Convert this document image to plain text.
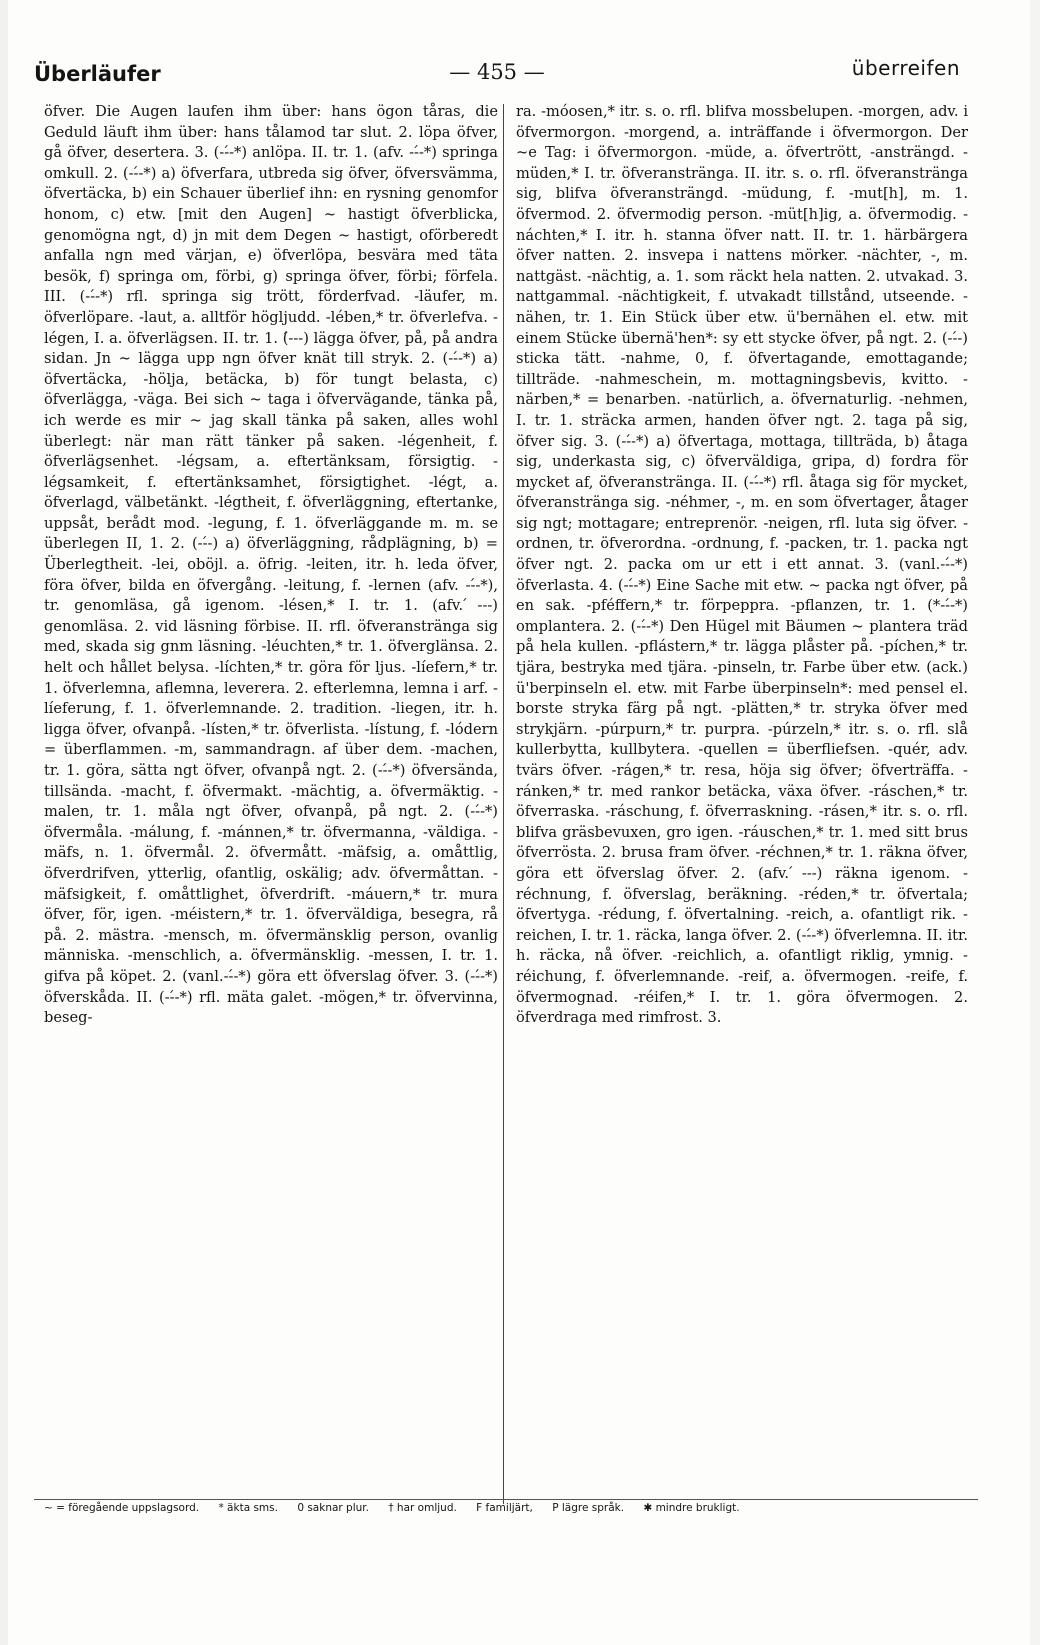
Überläufer	— 455 —	überreifen

öfver. Die Augen laufen ihm über: hans ögon tåras, die Geduld läuft ihm über: hans tålamod tar slut. 2. löpa öfver, gå öfver, desertera. 3. (--́-*) anlöpa. II. tr. 1. (afv. --́-*) springa omkull. 2. (--́-*) a) öfverfara, utbreda sig öfver, öfversvämma, öfvertäcka, b) ein Schauer überlief ihn: en rysning genomfor honom, c) etw. [mit den Augen] ~ hastigt öfverblicka, genomögna ngt, d) jn mit dem Degen ~ hastigt, oförberedt anfalla ngn med värjan, e) öfverlöpa, besvära med täta besök, f) springa om, förbi, g) springa öfver, förbi; förfela. III. (--́-*) rfl. springa sig trött, förderfvad. -läufer, m. öfverlöpare. -laut, a. alltför högljudd. -lében,* tr. öfverlefva. -légen, I. a. öfverlägsen. II. tr. 1. (́---) lägga öfver, på, på andra sidan. Jn ~ lägga upp ngn öfver knät till stryk. 2. (--́-*) a) öfvertäcka, -hölja, betäcka, b) för tungt belasta, c) öfverlägga, -väga. Bei sich ~ taga i öfvervägande, tänka på, ich werde es mir ~ jag skall tänka på saken, alles wohl überlegt: när man rätt tänker på saken. -légenheit, f. öfverlägsenhet. -légsam, a. eftertänksam, försigtig. -légsamkeit, f. eftertänksamhet, försigtighet. -légt, a. öfverlagd, välbetänkt. -légtheit, f. öfverläggning, eftertanke, uppsåt, berådt mod. -legung, f. 1. öfverläggande m. m. se überlegen II, 1. 2. (--́-) a) öfverläggning, rådplägning, b) = Überlegtheit. -lei, oböjl. a. öfrig. -leiten, itr. h. leda öfver, föra öfver, bilda en öfvergång. -leitung, f. -lernen (afv. --́-*), tr. genomläsa, gå igenom. -lésen,* I. tr. 1. (afv. ́---) genomläsa. 2. vid läsning förbise. II. rfl. öfveranstränga sig med, skada sig gnm läsning. -léuchten,* tr. 1. öfverglänsa. 2. helt och hållet belysa. -líchten,* tr. göra för ljus. -líefern,* tr. 1. öfverlemna, aflemna, leverera. 2. efterlemna, lemna i arf. -líeferung, f. 1. öfverlemnande. 2. tradition. -liegen, itr. h. ligga öfver, ofvanpå. -lísten,* tr. öfverlista. -lístung, f. -lódern = überflammen. -m, sammandragn. af über dem. -machen, tr. 1. göra, sätta ngt öfver, ofvanpå ngt. 2. (--́-*) öfversända, tillsända. -macht, f. öfvermakt. -mächtig, a. öfvermäktig. -malen, tr. 1. måla ngt öfver, ofvanpå, på ngt. 2. (--́-*) öfvermåla. -málung, f. -mánnen,* tr. öfvermanna, -väldiga. -mäfs, n. 1. öfvermål. 2. öfvermått. -mäfsig, a. omåttlig, öfverdrifven, ytterlig, ofantlig, oskälig; adv. öfvermåttan. -mäfsigkeit, f. omåttlighet, öfverdrift. -máuern,* tr. mura öfver, för, igen. -méistern,* tr. 1. öfverväldiga, besegra, rå på. 2. mästra. -mensch, m. öfvermänsklig person, ovanlig människa. -menschlich, a. öfvermänsklig. -messen, I. tr. 1. gifva på köpet. 2. (vanl.--́-*) göra ett öfverslag öfver. 3. (--́-*) öfverskåda. II. (--́-*) rfl. mäta galet. -mögen,* tr. öfvervinna, beseg-

ra. -móosen,* itr. s. o. rfl. blifva mossbelupen. -morgen, adv. i öfvermorgon. -morgend, a. inträffande i öfvermorgon. Der ~e Tag: i öfvermorgon. -müde, a. öfvertrött, -ansträngd. -müden,* I. tr. öfveranstränga. II. itr. s. o. rfl. öfveranstränga sig, blifva öfveransträngd. -müdung, f. -mut[h], m. 1. öfvermod. 2. öfvermodig person. -müt[h]ig, a. öfvermodig. -náchten,* I. itr. h. stanna öfver natt. II. tr. 1. härbärgera öfver natten. 2. insvepa i nattens mörker. -nächter, -, m. nattgäst. -nächtig, a. 1. som räckt hela natten. 2. utvakad. 3. nattgammal. -nächtigkeit, f. utvakadt tillstånd, utseende. -nähen, tr. 1. Ein Stück über etw. ü'bernähen el. etw. mit einem Stücke übernä'hen*: sy ett stycke öfver, på ngt. 2. (--́-) sticka tätt. -nahme, 0, f. öfvertagande, emottagande; tillträde. -nahmeschein, m. mottagningsbevis, kvitto. -närben,* = benarben. -natürlich, a. öfvernaturlig. -nehmen, I. tr. 1. sträcka armen, handen öfver ngt. 2. taga på sig, öfver sig. 3. (--́-*) a) öfvertaga, mottaga, tillträda, b) åtaga sig, underkasta sig, c) öfverväldiga, gripa, d) fordra för mycket af, öfveranstränga. II. (--́-*) rfl. åtaga sig för mycket, öfveranstränga sig. -néhmer, -, m. en som öfvertager, åtager sig ngt; mottagare; entreprenör. -neigen, rfl. luta sig öfver. -ordnen, tr. öfverordna. -ordnung, f. -packen, tr. 1. packa ngt öfver ngt. 2. packa om ur ett i ett annat. 3. (vanl.--́-*) öfverlasta. 4. (--́-*) Eine Sache mit etw. ~ packa ngt öfver, på en sak. -pféffern,* tr. förpeppra. -pflanzen, tr. 1. (*--́-*) omplantera. 2. (--́-*) Den Hügel mit Bäumen ~ plantera träd på hela kullen. -pflástern,* tr. lägga plåster på. -píchen,* tr. tjära, bestryka med tjära. -pinseln, tr. Farbe über etw. (ack.) ü'berpinseln el. etw. mit Farbe überpinseln*: med pensel el. borste stryka färg på ngt. -plätten,* tr. stryka öfver med strykjärn. -púrpurn,* tr. purpra. -púrzeln,* itr. s. o. rfl. slå kullerbytta, kullbytera. -quellen = überfliefsen. -quér, adv. tvärs öfver. -rágen,* tr. resa, höja sig öfver; öfverträffa. -ránken,* tr. med rankor betäcka, växa öfver. -ráschen,* tr. öfverraska. -ráschung, f. öfverraskning. -rásen,* itr. s. o. rfl. blifva gräsbevuxen, gro igen. -ráuschen,* tr. 1. med sitt brus öfverrösta. 2. brusa fram öfver. -réchnen,* tr. 1. räkna öfver, göra ett öfverslag öfver. 2. (afv. ́---) räkna igenom. -réchnung, f. öfverslag, beräkning. -réden,* tr. öfvertala; öfvertyga. -rédung, f. öfvertalning. -reich, a. ofantligt rik. -reichen, I. tr. 1. räcka, langa öfver. 2. (--́-*) öfverlemna. II. itr. h. räcka, nå öfver. -reichlich, a. ofantligt riklig, ymnig. -réichung, f. öfverlemnande. -reif, a. öfvermogen. -reife, f. öfvermognad. -réifen,* I. tr. 1. göra öfvermogen. 2. öfverdraga med rimfrost. 3.

~ = föregående uppslagsord. * äkta sms. 0 saknar plur. † har omljud. F familjärt, P lägre språk. ✱ mindre brukligt.
